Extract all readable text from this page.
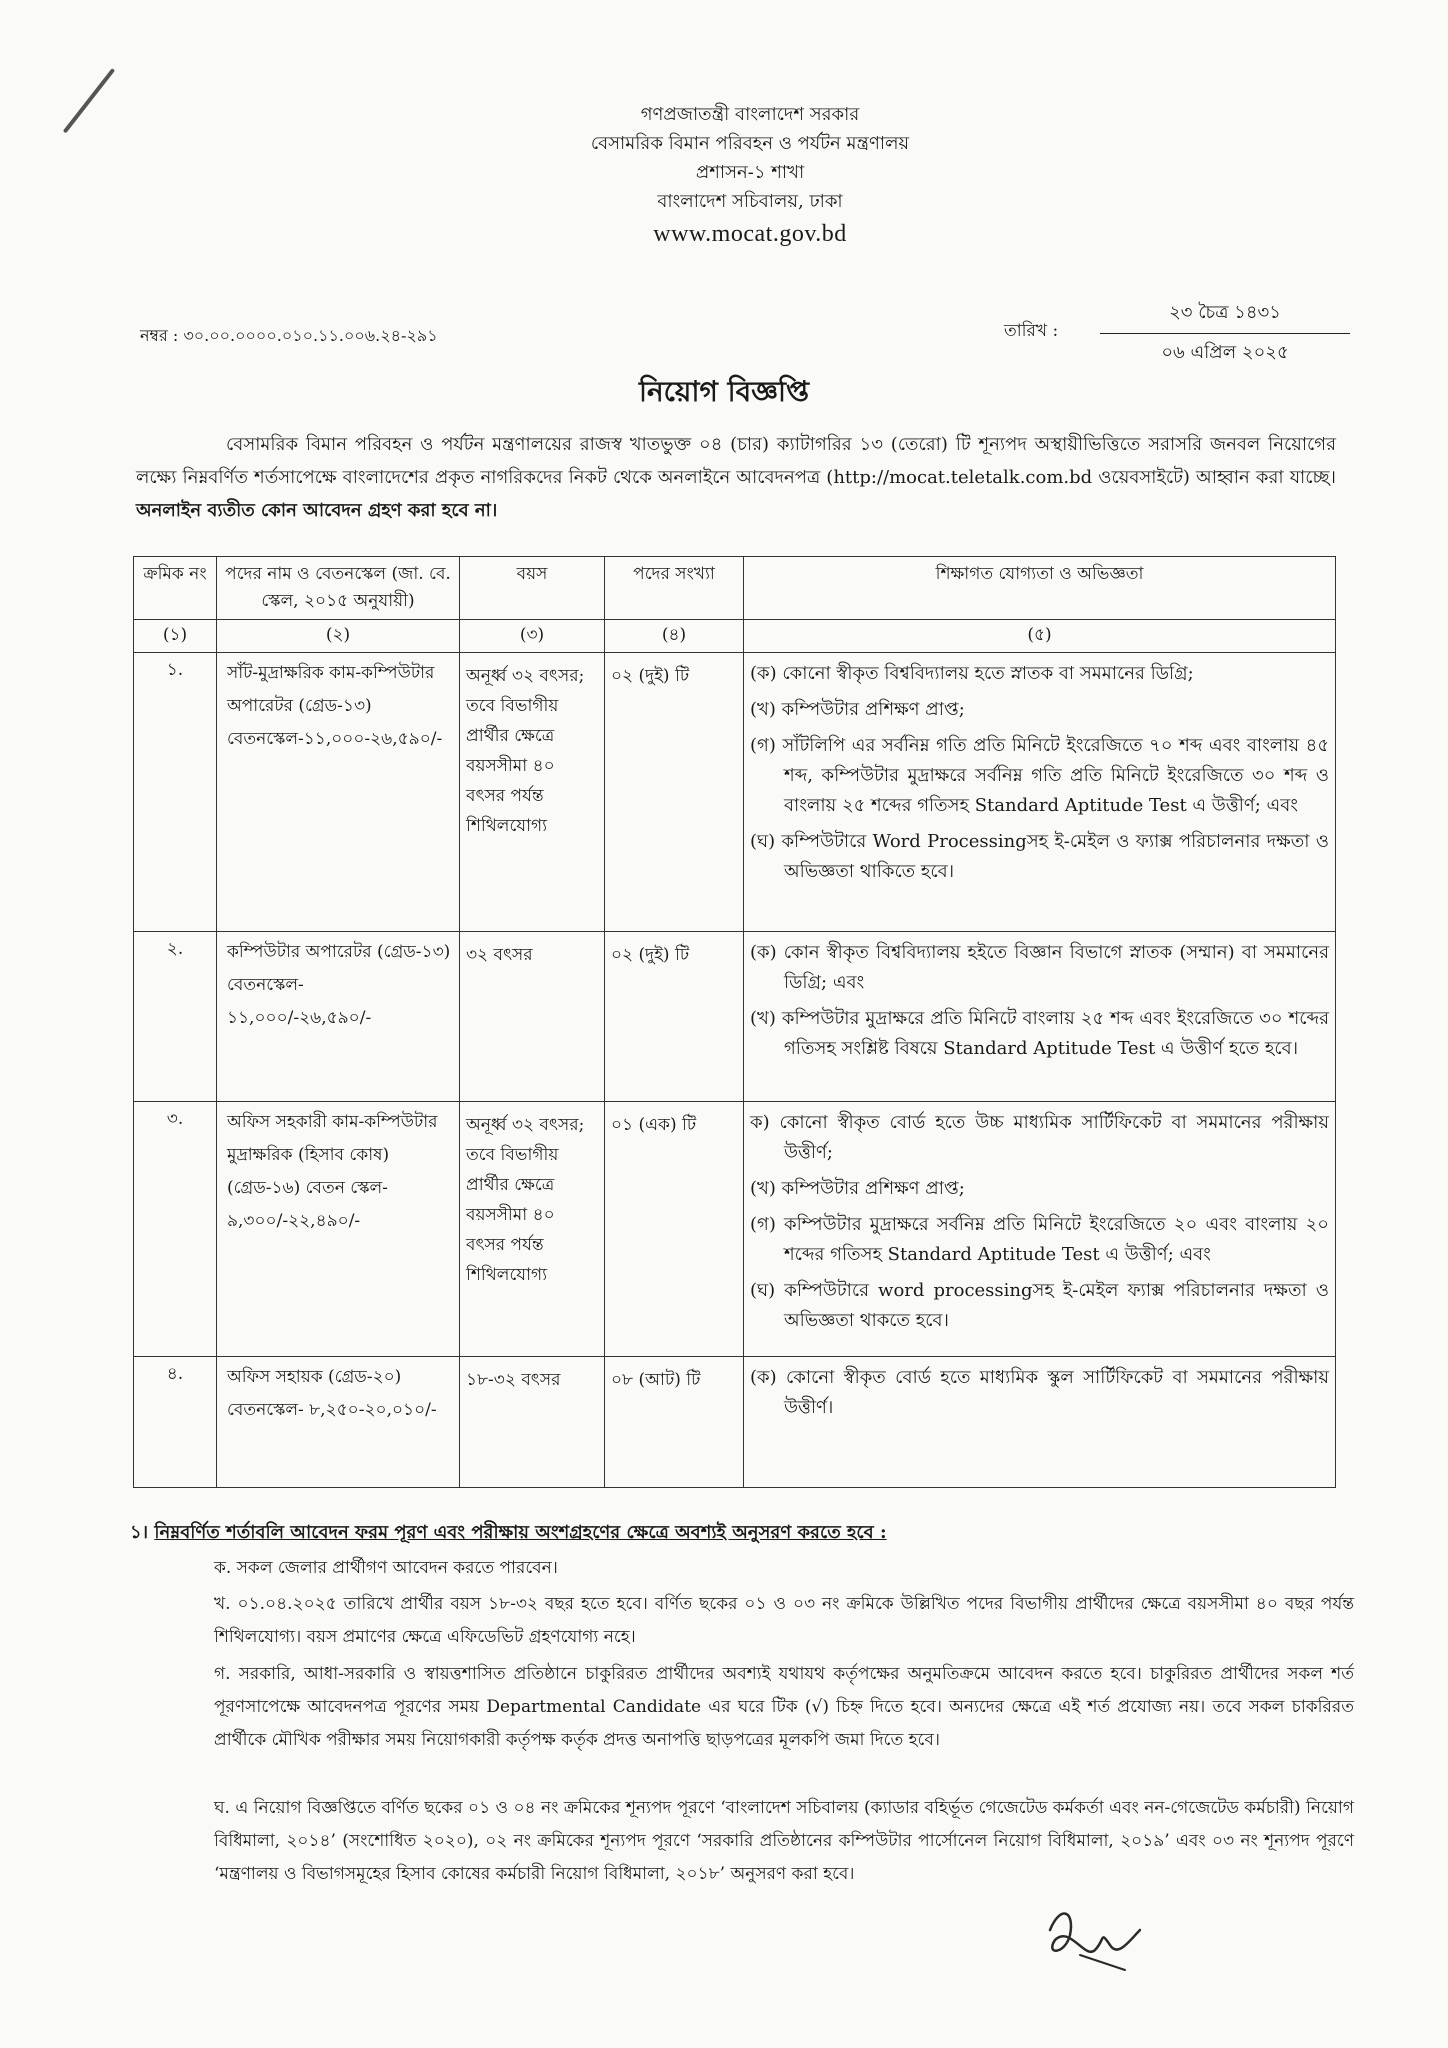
গণপ্রজাতন্ত্রী বাংলাদেশ সরকার
বেসামরিক বিমান পরিবহন ও পর্যটন মন্ত্রণালয়
প্রশাসন-১ শাখা
বাংলাদেশ সচিবালয়, ঢাকা
www.mocat.gov.bd
নম্বর : ৩০.০০.০০০০.০১০.১১.০০৬.২৪-২৯১	তারিখ :
২৩ চৈত্র ১৪৩১
০৬ এপ্রিল ২০২৫
নিয়োগ বিজ্ঞপ্তি
বেসামরিক বিমান পরিবহন ও পর্যটন মন্ত্রণালয়ের রাজস্ব খাতভুক্ত ০৪ (চার) ক্যাটাগরির ১৩ (তেরো) টি শূন্যপদ অস্থায়ীভিত্তিতে সরাসরি জনবল নিয়োগের লক্ষ্যে নিম্নবর্ণিত শর্তসাপেক্ষে বাংলাদেশের প্রকৃত নাগরিকদের নিকট থেকে অনলাইনে আবেদনপত্র (http://mocat.teletalk.com.bd ওয়েবসাইটে) আহ্বান করা যাচ্ছে। অনলাইন ব্যতীত কোন আবেদন গ্রহণ করা হবে না।
ক্রমিক নং	পদের নাম ও বেতনস্কেল (জা. বে. স্কেল, ২০১৫ অনুযায়ী)	বয়স	পদের সংখ্যা	শিক্ষাগত যোগ্যতা ও অভিজ্ঞতা
(১)	(২)	(৩)	(৪)	(৫)
১.	সাঁট-মুদ্রাক্ষরিক কাম-কম্পিউটার অপারেটর (গ্রেড-১৩) বেতনস্কেল-১১,০০০-২৬,৫৯০/-	অনূর্ধ্ব ৩২ বৎসর; তবে বিভাগীয় প্রার্থীর ক্ষেত্রে বয়সসীমা ৪০ বৎসর পর্যন্ত শিথিলযোগ্য	০২ (দুই) টি	(ক) কোনো স্বীকৃত বিশ্ববিদ্যালয় হতে স্নাতক বা সমমানের ডিগ্রি;
(খ) কম্পিউটার প্রশিক্ষণ প্রাপ্ত;
(গ) সাঁটলিপি এর সর্বনিম্ন গতি প্রতি মিনিটে ইংরেজিতে ৭০ শব্দ এবং বাংলায় ৪৫ শব্দ, কম্পিউটার মুদ্রাক্ষরে সর্বনিম্ন গতি প্রতি মিনিটে ইংরেজিতে ৩০ শব্দ ও বাংলায় ২৫ শব্দের গতিসহ Standard Aptitude Test এ উত্তীর্ণ; এবং
(ঘ) কম্পিউটারে Word Processingসহ ই-মেইল ও ফ্যাক্স পরিচালনার দক্ষতা ও অভিজ্ঞতা থাকিতে হবে।

২.	কম্পিউটার অপারেটর (গ্রেড-১৩) বেতনস্কেল- ১১,০০০/-২৬,৫৯০/-	৩২ বৎসর	০২ (দুই) টি	(ক) কোন স্বীকৃত বিশ্ববিদ্যালয় হইতে বিজ্ঞান বিভাগে স্নাতক (সম্মান) বা সমমানের ডিগ্রি; এবং
(খ) কম্পিউটার মুদ্রাক্ষরে প্রতি মিনিটে বাংলায় ২৫ শব্দ এবং ইংরেজিতে ৩০ শব্দের গতিসহ সংশ্লিষ্ট বিষয়ে Standard Aptitude Test এ উত্তীর্ণ হতে হবে।

৩.	অফিস সহকারী কাম-কম্পিউটার মুদ্রাক্ষরিক (হিসাব কোষ) (গ্রেড-১৬) বেতন স্কেল- ৯,৩০০/-২২,৪৯০/-	অনূর্ধ্ব ৩২ বৎসর; তবে বিভাগীয় প্রার্থীর ক্ষেত্রে বয়সসীমা ৪০ বৎসর পর্যন্ত শিথিলযোগ্য	০১ (এক) টি	ক) কোনো স্বীকৃত বোর্ড হতে উচ্চ মাধ্যমিক সার্টিফিকেট বা সমমানের পরীক্ষায় উত্তীর্ণ;
(খ) কম্পিউটার প্রশিক্ষণ প্রাপ্ত;
(গ) কম্পিউটার মুদ্রাক্ষরে সর্বনিম্ন প্রতি মিনিটে ইংরেজিতে ২০ এবং বাংলায় ২০ শব্দের গতিসহ Standard Aptitude Test এ উত্তীর্ণ; এবং
(ঘ) কম্পিউটারে word processingসহ ই-মেইল ফ্যাক্স পরিচালনার দক্ষতা ও অভিজ্ঞতা থাকতে হবে।

৪.	অফিস সহায়ক (গ্রেড-২০) বেতনস্কেল- ৮,২৫০-২০,০১০/-	১৮-৩২ বৎসর	০৮ (আট) টি	(ক) কোনো স্বীকৃত বোর্ড হতে মাধ্যমিক স্কুল সার্টিফিকেট বা সমমানের পরীক্ষায় উত্তীর্ণ।
১। নিম্নবর্ণিত শর্তাবলি আবেদন ফরম পূরণ এবং পরীক্ষায় অংশগ্রহণের ক্ষেত্রে অবশ্যই অনুসরণ করতে হবে :
ক. সকল জেলার প্রার্থীগণ আবেদন করতে পারবেন।
খ. ০১.০৪.২০২৫ তারিখে প্রার্থীর বয়স ১৮-৩২ বছর হতে হবে। বর্ণিত ছকের ০১ ও ০৩ নং ক্রমিকে উল্লিখিত পদের বিভাগীয় প্রার্থীদের ক্ষেত্রে বয়সসীমা ৪০ বছর পর্যন্ত শিথিলযোগ্য। বয়স প্রমাণের ক্ষেত্রে এফিডেভিট গ্রহণযোগ্য নহে।
গ. সরকারি, আধা-সরকারি ও স্বায়ত্তশাসিত প্রতিষ্ঠানে চাকুরিরত প্রার্থীদের অবশ্যই যথাযথ কর্তৃপক্ষের অনুমতিক্রমে আবেদন করতে হবে। চাকুরিরত প্রার্থীদের সকল শর্ত পূরণসাপেক্ষে আবেদনপত্র পূরণের সময় Departmental Candidate এর ঘরে টিক (√) চিহ্ন দিতে হবে। অন্যদের ক্ষেত্রে এই শর্ত প্রযোজ্য নয়। তবে সকল চাকরিরত প্রার্থীকে মৌখিক পরীক্ষার সময় নিয়োগকারী কর্তৃপক্ষ কর্তৃক প্রদত্ত অনাপত্তি ছাড়পত্রের মূলকপি জমা দিতে হবে।
ঘ. এ নিয়োগ বিজ্ঞপ্তিতে বর্ণিত ছকের ০১ ও ০৪ নং ক্রমিকের শূন্যপদ পূরণে ‘বাংলাদেশ সচিবালয় (ক্যাডার বহির্ভূত গেজেটেড কর্মকর্তা এবং নন-গেজেটেড কর্মচারী) নিয়োগ বিধিমালা, ২০১৪’ (সংশোধিত ২০২০), ০২ নং ক্রমিকের শূন্যপদ পূরণে ‘সরকারি প্রতিষ্ঠানের কম্পিউটার পার্সোনেল নিয়োগ বিধিমালা, ২০১৯’ এবং ০৩ নং শূন্যপদ পূরণে ‘মন্ত্রণালয় ও বিভাগসমূহের হিসাব কোষের কর্মচারী নিয়োগ বিধিমালা, ২০১৮’ অনুসরণ করা হবে।
